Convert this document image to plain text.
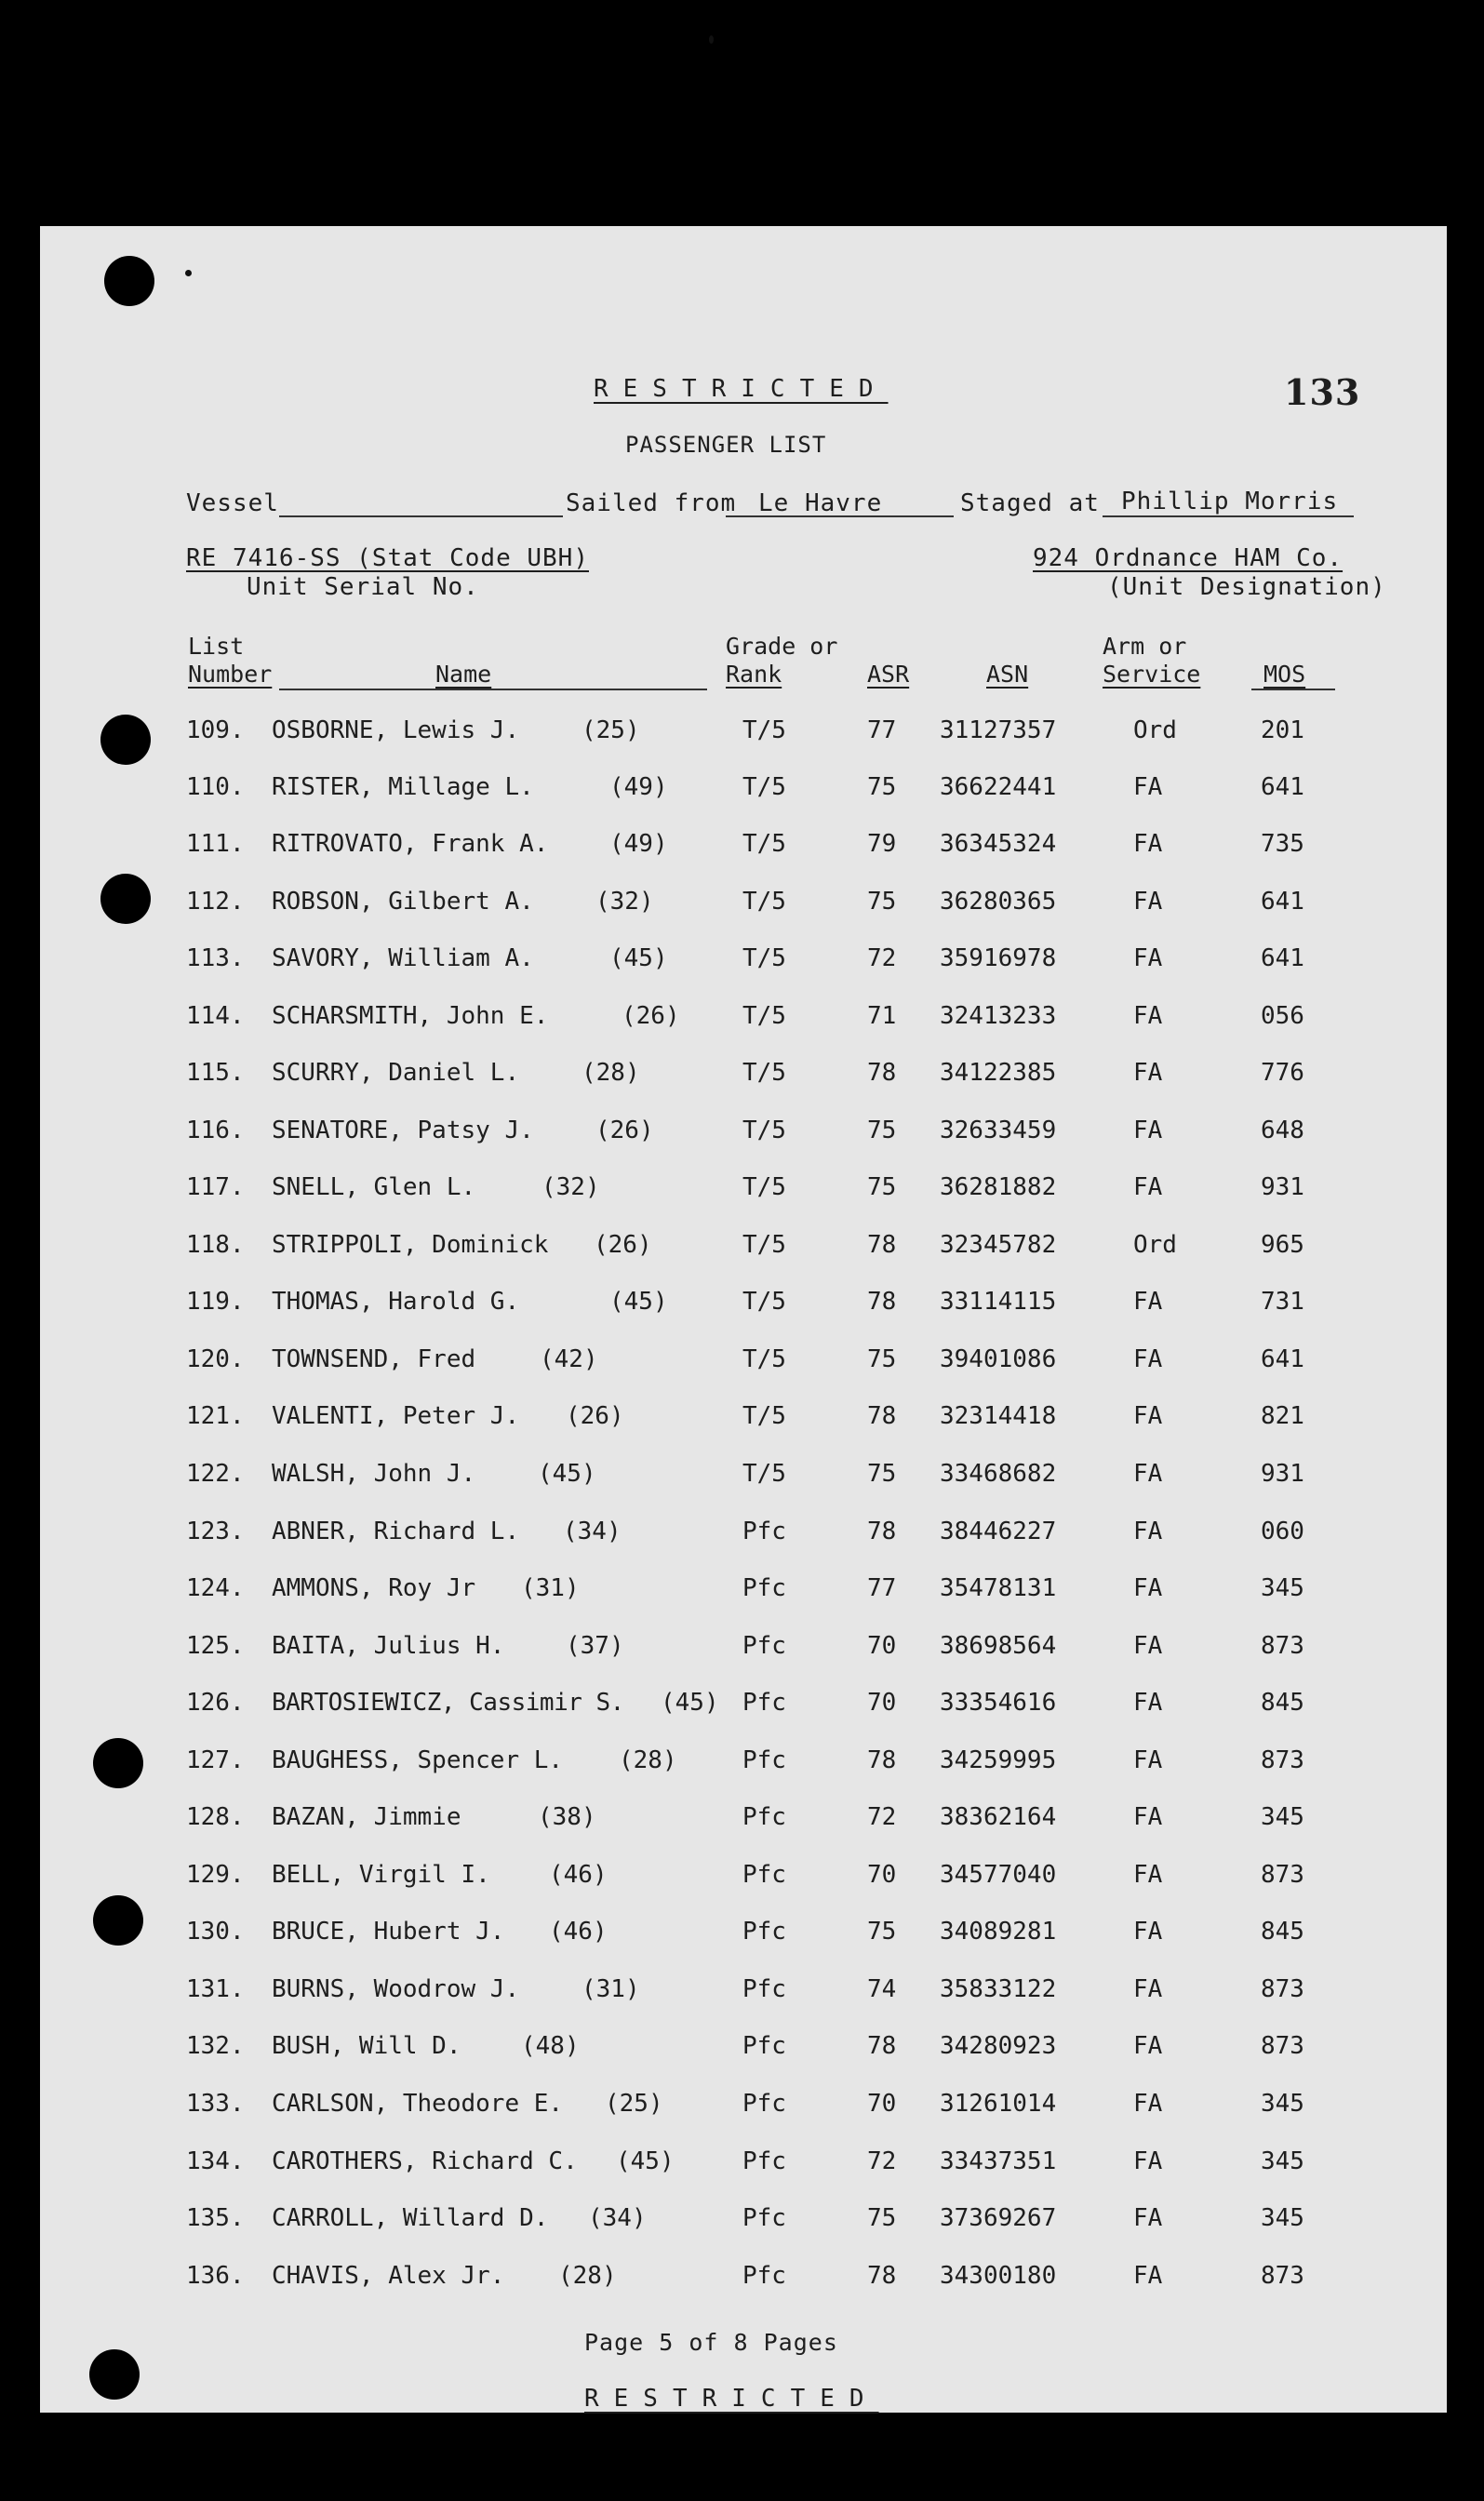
RESTRICTED	133
PASSENGER LIST
Vessel	Sailed from Le Havre	Staged at Phillip Morris
RE 7416-SS (Stat Code UBH)
Unit Serial No.
924 Ordnance HAM Co.
(Unit Designation)
List
Number	Name
Grade or
Rank	ASR	ASN
Arm or
Service	MOS
109. OSBORNE, Lewis J.	(25)	T/5	77 31127357	Ord	201
110. RISTER, Millage L.	(49)	T/5	75 36622441	FA	641
111. RITROVATO, Frank A.	(49)	T/5	79 36345324	FA	735
112. ROBSON, Gilbert A.	(32)	T/5	75 36280365	FA	641
113. SAVORY, William A.	(45)	T/5	72 35916978	FA	641
114. SCHARSMITH, John E.	(26)	T/5	71 32413233	FA	056
115. SCURRY, Daniel L.	(28)	T/5	78 34122385	FA	776
116. SENATORE, Patsy J.	(26)	T/5	75 32633459	FA	648
117. SNELL, Glen L.	(32)	T/5	75 36281882	FA	931
118. STRIPPOLI, Dominick (26)	T/5	78 32345782	Ord	965
119. THOMAS, Harold G.	(45)	T/5	78 33114115	FA	731
120. TOWNSEND, Fred	(42)	T/5	75 39401086	FA	641
121. VALENTI, Peter J. (26)	T/5	78 32314418	FA	821
122. WALSH, John J.	(45)	T/5	75 33468682	FA	931
123. ABNER, Richard L. (34)	Pfc	78 38446227	FA	060
124. AMMONS, Roy Jr (31)	Pfc	77 35478131	FA	345
125. BAITA, Julius H.	(37)	Pfc	70 38698564	FA	873
126. BARTOSIEWICZ, Cassimir S. (45) Pfc	70 33354616	FA	845
127. BAUGHESS, Spencer L. (28)	Pfc	78 34259995	FA	873
128. BAZAN, Jimmie	(38)	Pfc	72 38362164	FA	345
129. BELL, Virgil I. (46)	Pfc	70 34577040	FA	873
130. BRUCE, Hubert J. (46)	Pfc	75 34089281	FA	845
131. BURNS, Woodrow J.	(31)	Pfc	74 35833122	FA	873
132. BUSH, Will D. (48)	Pfc	78 34280923	FA	873
133. CARLSON, Theodore E. (25)	Pfc	70 31261014	FA	345
134. CAROTHERS, Richard C. (45)	Pfc	72 33437351	FA	345
135. CARROLL, Willard D. (34)	Pfc	75 37369267	FA	345
136. CHAVIS, Alex Jr. (28)	Pfc	78 34300180	FA	873
Page 5 of 8 Pages
RESTRICTED
